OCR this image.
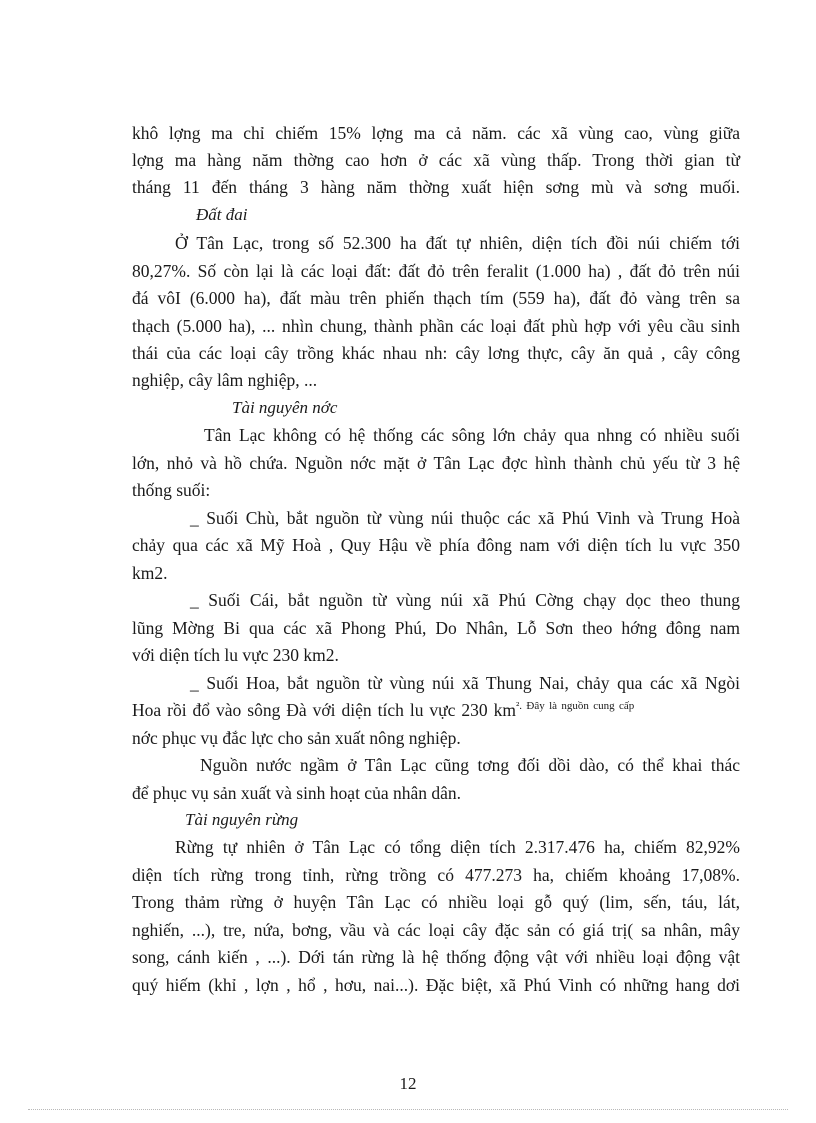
khô lợng ma chỉ chiếm 15% lợng ma cả năm. các xã vùng cao, vùng giữa
lợng ma hàng năm thờng cao hơn ở các xã vùng thấp. Trong thời gian từ
tháng 11 đến tháng 3 hàng năm thờng xuất hiện sơng mù và sơng muối.
Đất đai
Ở Tân Lạc, trong số 52.300 ha đất tự nhiên, diện tích đồi núi chiếm tới
80,27%. Số còn lại là các loại đất: đất đỏ trên feralit (1.000 ha) , đất đỏ trên núi
đá vôI (6.000 ha), đất màu trên phiến thạch tím (559 ha), đất đỏ vàng trên sa
thạch (5.000 ha), ... nhìn chung, thành phần các loại đất phù hợp với yêu cầu sinh
thái của các loại cây trồng khác nhau nh: cây lơng thực, cây ăn quả , cây công
nghiệp, cây lâm nghiệp, ...
Tài nguyên nớc
Tân Lạc không có hệ thống các sông lớn chảy qua nhng có nhiều suối
lớn, nhỏ và hồ chứa. Nguồn nớc mặt ở Tân Lạc đợc hình thành chủ yếu từ 3 hệ
thống suối:
_ Suối Chù, bắt nguồn từ vùng núi thuộc các xã Phú Vinh và Trung Hoà
chảy qua các xã Mỹ Hoà , Quy Hậu về phía đông nam với diện tích lu vực 350
km2.
_ Suối Cái, bắt nguồn từ vùng núi xã Phú Cờng chạy dọc theo thung
lũng Mờng Bi qua các xã Phong Phú, Do Nhân, Lỗ Sơn theo hớng đông nam
với diện tích lu vực 230 km2.
_ Suối Hoa, bắt nguồn từ vùng núi xã Thung Nai, chảy qua các xã Ngòi
Hoa rồi đổ vào sông Đà với diện tích lu vực 230 $km^{^2. Đây là nguồn cung cấp}$
nớc phục vụ đắc lực cho sản xuất nông nghiệp.
Nguồn nước ngầm ở Tân Lạc cũng tơng đối dồi dào, có thể khai thác
để phục vụ sản xuất và sinh hoạt của nhân dân.
Tài nguyên rừng
Rừng tự nhiên ở Tân Lạc có tổng diện tích 2.317.476 ha, chiếm 82,92%
diện tích rừng trong tỉnh, rừng trồng có 477.273 ha, chiếm khoảng 17,08%.
Trong thảm rừng ở huyện Tân Lạc có nhiều loại gỗ quý (lim, sến, táu, lát,
nghiến, ...), tre, nứa, bơng, vầu và các loại cây đặc sản có giá trị( sa nhân, mây
song, cánh kiến , ...). Dới tán rừng là hệ thống động vật với nhiều loại động vật
quý hiếm (khỉ , lợn , hổ , hơu, nai...). Đặc biệt, xã Phú Vinh có những hang dơi
12
